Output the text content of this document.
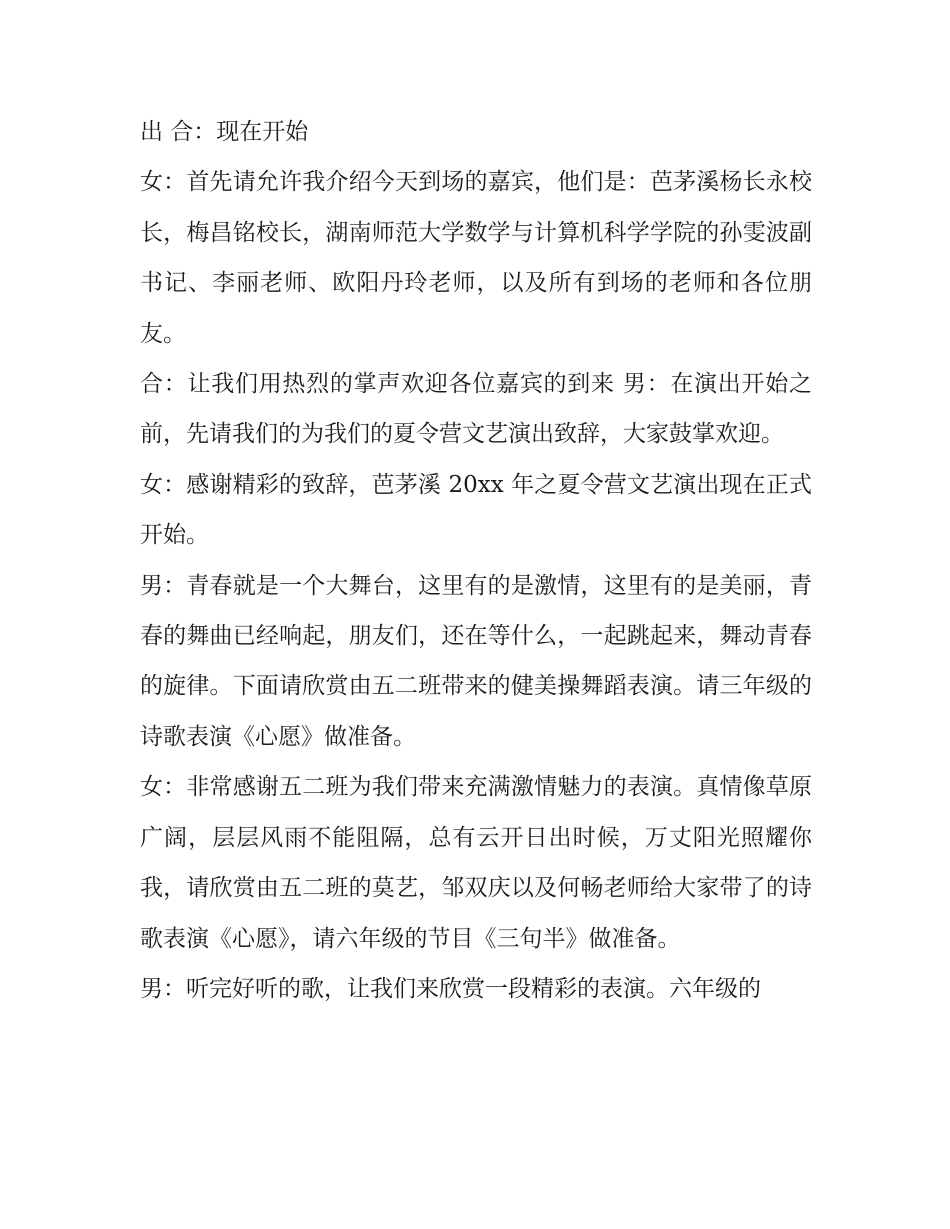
出 合：现在开始

女：首先请允许我介绍今天到场的嘉宾，他们是：芭茅溪杨长永校长，梅昌铭校长，湖南师范大学数学与计算机科学学院的孙雯波副书记、李丽老师、欧阳丹玲老师，以及所有到场的老师和各位朋友。

合：让我们用热烈的掌声欢迎各位嘉宾的到来 男：在演出开始之前，先请我们的为我们的夏令营文艺演出致辞，大家鼓掌欢迎。

女：感谢精彩的致辞，芭茅溪 20xx 年之夏令营文艺演出现在正式开始。

男：青春就是一个大舞台，这里有的是激情，这里有的是美丽，青春的舞曲已经响起，朋友们，还在等什么，一起跳起来，舞动青春的旋律。下面请欣赏由五二班带来的健美操舞蹈表演。请三年级的诗歌表演《心愿》做准备。

女：非常感谢五二班为我们带来充满激情魅力的表演。真情像草原广阔，层层风雨不能阻隔，总有云开日出时候，万丈阳光照耀你我，请欣赏由五二班的莫艺，邹双庆以及何畅老师给大家带了的诗歌表演《心愿》，请六年级的节目《三句半》做准备。

男：听完好听的歌，让我们来欣赏一段精彩的表演。六年级的
